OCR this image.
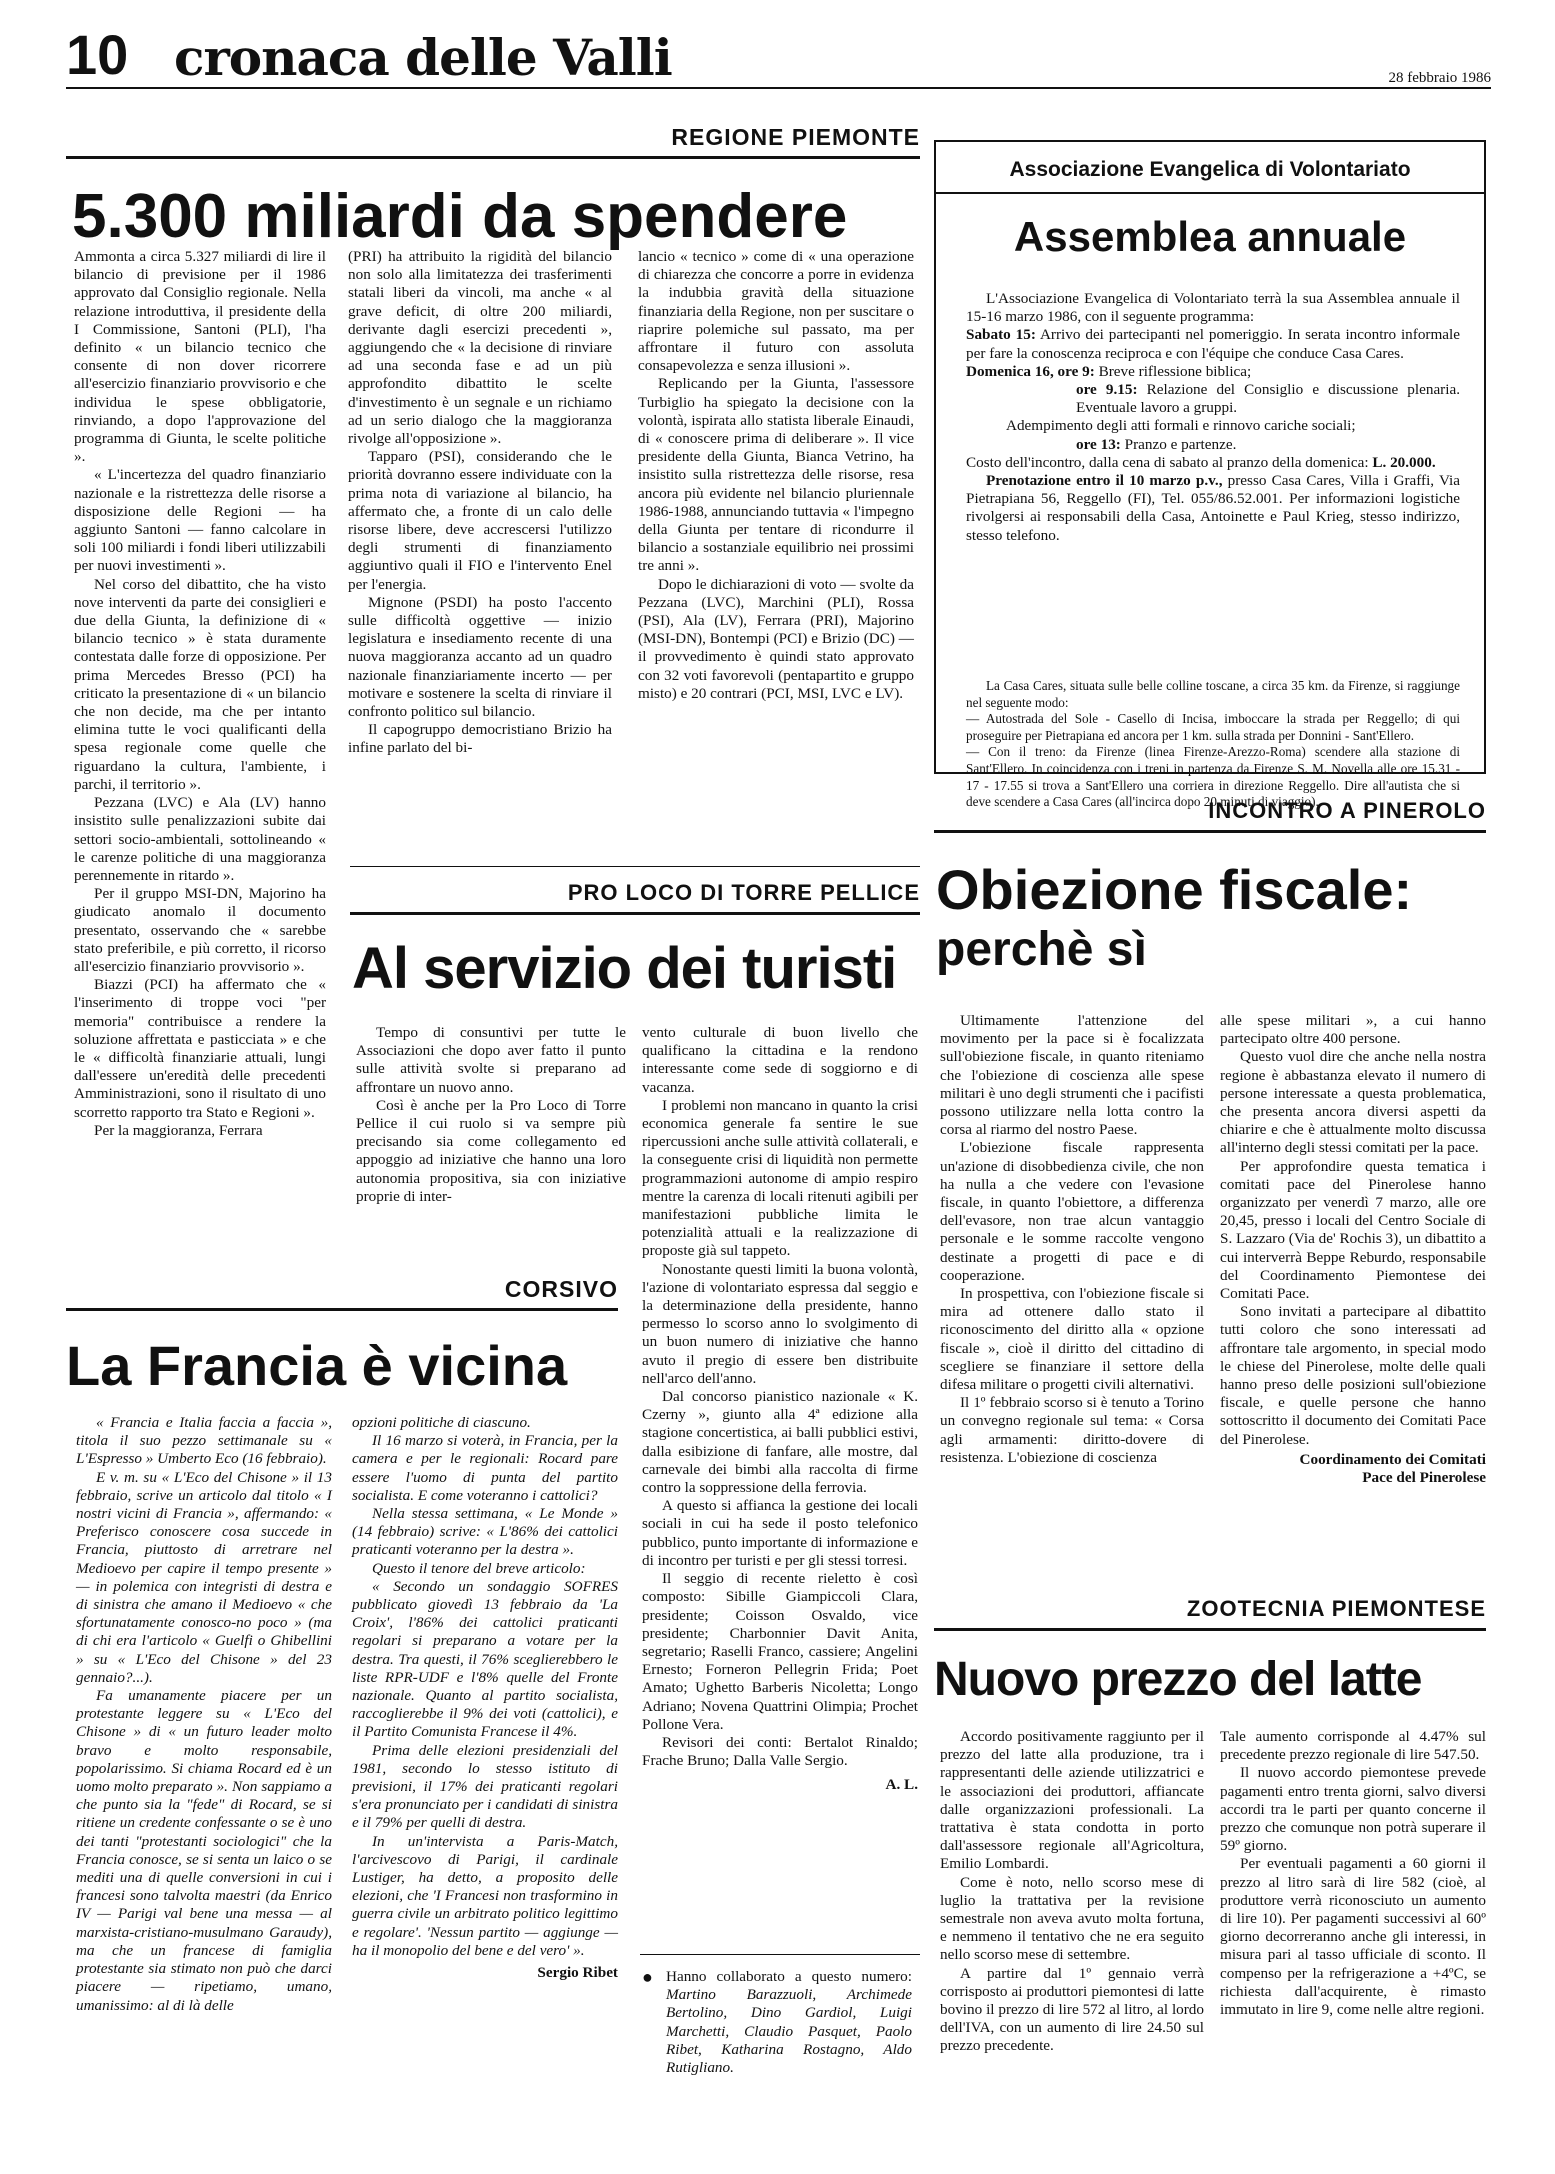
10 cronaca delle Valli	28 febbraio 1986
REGIONE PIEMONTE
5.300 miliardi da spendere

Ammonta a circa 5.327 miliardi di lire il bilancio di previsione per il 1986 approvato dal Consiglio regionale. Nella relazione introduttiva, il presidente della I Commissione, Santoni (PLI), l'ha definito « un bilancio tecnico che consente di non dover ricorrere all'esercizio finanziario provvisorio e che individua le spese obbligatorie, rinviando, a dopo l'approvazione del programma di Giunta, le scelte politiche ».

« L'incertezza del quadro finanziario nazionale e la ristrettezza delle risorse a disposizione delle Regioni — ha aggiunto Santoni — fanno calcolare in soli 100 miliardi i fondi liberi utilizzabili per nuovi investimenti ».

Nel corso del dibattito, che ha visto nove interventi da parte dei consiglieri e due della Giunta, la definizione di « bilancio tecnico » è stata duramente contestata dalle forze di opposizione. Per prima Mercedes Bresso (PCI) ha criticato la presentazione di « un bilancio che non decide, ma che per intanto elimina tutte le voci qualificanti della spesa regionale come quelle che riguardano la cultura, l'ambiente, i parchi, il territorio ».

Pezzana (LVC) e Ala (LV) hanno insistito sulle penalizzazioni subite dai settori socio-ambientali, sottolineando « le carenze politiche di una maggioranza perennemente in ritardo ».

Per il gruppo MSI-DN, Majorino ha giudicato anomalo il documento presentato, osservando che « sarebbe stato preferibile, e più corretto, il ricorso all'esercizio finanziario provvisorio ».

Biazzi (PCI) ha affermato che « l'inserimento di troppe voci "per memoria" contribuisce a rendere la soluzione affrettata e pasticciata » e che le « difficoltà finanziarie attuali, lungi dall'essere un'eredità delle precedenti Amministrazioni, sono il risultato di uno scorretto rapporto tra Stato e Regioni ».

Per la maggioranza, Ferrara

(PRI) ha attribuito la rigidità del bilancio non solo alla limitatezza dei trasferimenti statali liberi da vincoli, ma anche « al grave deficit, di oltre 200 miliardi, derivante dagli esercizi precedenti », aggiungendo che « la decisione di rinviare ad una seconda fase e ad un più approfondito dibattito le scelte d'investimento è un segnale e un richiamo ad un serio dialogo che la maggioranza rivolge all'opposizione ».

Tapparo (PSI), considerando che le priorità dovranno essere individuate con la prima nota di variazione al bilancio, ha affermato che, a fronte di un calo delle risorse libere, deve accrescersi l'utilizzo degli strumenti di finanziamento aggiuntivo quali il FIO e l'intervento Enel per l'energia.

Mignone (PSDI) ha posto l'accento sulle difficoltà oggettive — inizio legislatura e insediamento recente di una nuova maggioranza accanto ad un quadro nazionale finanziariamente incerto — per motivare e sostenere la scelta di rinviare il confronto politico sul bilancio.

Il capogruppo democristiano Brizio ha infine parlato del bi-

lancio « tecnico » come di « una operazione di chiarezza che concorre a porre in evidenza la indubbia gravità della situazione finanziaria della Regione, non per suscitare o riaprire polemiche sul passato, ma per affrontare il futuro con assoluta consapevolezza e senza illusioni ».

Replicando per la Giunta, l'assessore Turbiglio ha spiegato la decisione con la volontà, ispirata allo statista liberale Einaudi, di « conoscere prima di deliberare ». Il vice presidente della Giunta, Bianca Vetrino, ha insistito sulla ristrettezza delle risorse, resa ancora più evidente nel bilancio pluriennale 1986-1988, annunciando tuttavia « l'impegno della Giunta per tentare di ricondurre il bilancio a sostanziale equilibrio nei prossimi tre anni ».

Dopo le dichiarazioni di voto — svolte da Pezzana (LVC), Marchini (PLI), Rossa (PSI), Ala (LV), Ferrara (PRI), Majorino (MSI-DN), Bontempi (PCI) e Brizio (DC) — il provvedimento è quindi stato approvato con 32 voti favorevoli (pentapartito e gruppo misto) e 20 contrari (PCI, MSI, LVC e LV).

Associazione Evangelica di Volontariato
Assemblea annuale

L'Associazione Evangelica di Volontariato terrà la sua Assemblea annuale il 15-16 marzo 1986, con il seguente programma:

Sabato 15: Arrivo dei partecipanti nel pomeriggio. In serata incontro informale per fare la conoscenza reciproca e con l'équipe che conduce Casa Cares.

Domenica 16, ore 9: Breve riflessione biblica;

ore 9.15: Relazione del Consiglio e discussione plenaria. Eventuale lavoro a gruppi.

Adempimento degli atti formali e rinnovo cariche sociali;

ore 13: Pranzo e partenze.

Costo dell'incontro, dalla cena di sabato al pranzo della domenica: L. 20.000.

Prenotazione entro il 10 marzo p.v., presso Casa Cares, Villa i Graffi, Via Pietrapiana 56, Reggello (FI), Tel. 055/86.52.001. Per informazioni logistiche rivolgersi ai responsabili della Casa, Antoinette e Paul Krieg, stesso indirizzo, stesso telefono.

La Casa Cares, situata sulle belle colline toscane, a circa 35 km. da Firenze, si raggiunge nel seguente modo:

— Autostrada del Sole - Casello di Incisa, imboccare la strada per Reggello; di qui proseguire per Pietrapiana ed ancora per 1 km. sulla strada per Donnini - Sant'Ellero.

— Con il treno: da Firenze (linea Firenze-Arezzo-Roma) scendere alla stazione di Sant'Ellero. In coincidenza con i treni in partenza da Firenze S. M. Novella alle ore 15.31 - 17 - 17.55 si trova a Sant'Ellero una corriera in direzione Reggello. Dire all'autista che si deve scendere a Casa Cares (all'incirca dopo 20 minuti di viaggio).

PRO LOCO DI TORRE PELLICE
Al servizio dei turisti

Tempo di consuntivi per tutte le Associazioni che dopo aver fatto il punto sulle attività svolte si preparano ad affrontare un nuovo anno.

Così è anche per la Pro Loco di Torre Pellice il cui ruolo si va sempre più precisando sia come collegamento ed appoggio ad iniziative che hanno una loro autonomia propositiva, sia con iniziative proprie di inter-

vento culturale di buon livello che qualificano la cittadina e la rendono interessante come sede di soggiorno e di vacanza.

I problemi non mancano in quanto la crisi economica generale fa sentire le sue ripercussioni anche sulle attività collaterali, e la conseguente crisi di liquidità non permette programmazioni autonome di ampio respiro mentre la carenza di locali ritenuti agibili per manifestazioni pubbliche limita le potenzialità attuali e la realizzazione di proposte già sul tappeto.

Nonostante questi limiti la buona volontà, l'azione di volontariato espressa dal seggio e la determinazione della presidente, hanno permesso lo scorso anno lo svolgimento di un buon numero di iniziative che hanno avuto il pregio di essere ben distribuite nell'arco dell'anno.

Dal concorso pianistico nazionale « K. Czerny », giunto alla 4ª edizione alla stagione concertistica, ai balli pubblici estivi, dalla esibizione di fanfare, alle mostre, dal carnevale dei bimbi alla raccolta di firme contro la soppressione della ferrovia.

A questo si affianca la gestione dei locali sociali in cui ha sede il posto telefonico pubblico, punto importante di informazione e di incontro per turisti e per gli stessi torresi.

Il seggio di recente rieletto è così composto: Sibille Giampiccoli Clara, presidente; Coisson Osvaldo, vice presidente; Charbonnier Davit Anita, segretario; Raselli Franco, cassiere; Angelini Ernesto; Forneron Pellegrin Frida; Poet Amato; Ughetto Barberis Nicoletta; Longo Adriano; Novena Quattrini Olimpia; Prochet Pollone Vera.

Revisori dei conti: Bertalot Rinaldo; Frache Bruno; Dalla Valle Sergio.

A. L.
CORSIVO
La Francia è vicina

« Francia e Italia faccia a faccia », titola il suo pezzo settimanale su « L'Espresso » Umberto Eco (16 febbraio).

E v. m. su « L'Eco del Chisone » il 13 febbraio, scrive un articolo dal titolo « I nostri vicini di Francia », affermando: « Preferisco conoscere cosa succede in Francia, piuttosto di arretrare nel Medioevo per capire il tempo presente » — in polemica con integristi di destra e di sinistra che amano il Medioevo « che sfortunatamente conosco-no poco » (ma di chi era l'articolo « Guelfi o Ghibellini » su « L'Eco del Chisone » del 23 gennaio?...).

Fa umanamente piacere per un protestante leggere su « L'Eco del Chisone » di « un futuro leader molto bravo e molto responsabile, popolarissimo. Si chiama Rocard ed è un uomo molto preparato ». Non sappiamo a che punto sia la "fede" di Rocard, se si ritiene un credente confessante o se è uno dei tanti "protestanti sociologici" che la Francia conosce, se si senta un laico o se mediti una di quelle conversioni in cui i francesi sono talvolta maestri (da Enrico IV — Parigi val bene una messa — al marxista-cristiano-musulmano Garaudy), ma che un francese di famiglia protestante sia stimato non può che darci piacere — ripetiamo, umano, umanissimo: al di là delle

opzioni politiche di ciascuno.

Il 16 marzo si voterà, in Francia, per la camera e per le regionali: Rocard pare essere l'uomo di punta del partito socialista. E come voteranno i cattolici?

Nella stessa settimana, « Le Monde » (14 febbraio) scrive: « L'86% dei cattolici praticanti voteranno per la destra ».

Questo il tenore del breve articolo:

« Secondo un sondaggio SOFRES pubblicato giovedì 13 febbraio da 'La Croix', l'86% dei cattolici praticanti regolari si preparano a votare per la destra. Tra questi, il 76% sceglierebbero le liste RPR-UDF e l'8% quelle del Fronte nazionale. Quanto al partito socialista, raccoglierebbe il 9% dei voti (cattolici), e il Partito Comunista Francese il 4%.

Prima delle elezioni presidenziali del 1981, secondo lo stesso istituto di previsioni, il 17% dei praticanti regolari s'era pronunciato per i candidati di sinistra e il 79% per quelli di destra.

In un'intervista a Paris-Match, l'arcivescovo di Parigi, il cardinale Lustiger, ha detto, a proposito delle elezioni, che 'I Francesi non trasformino in guerra civile un arbitrato politico legittimo e regolare'. 'Nessun partito — aggiunge — ha il monopolio del bene e del vero' ».

Sergio Ribet ● Hanno collaborato a questo numero: Martino Barazzuoli, Archimede Bertolino, Dino Gardiol, Luigi Marchetti, Claudio Pasquet, Paolo Ribet, Katharina Rostagno, Aldo Rutigliano.

INCONTRO A PINEROLO
Obiezione fiscale:
perchè sì

Ultimamente l'attenzione del movimento per la pace si è focalizzata sull'obiezione fiscale, in quanto riteniamo che l'obiezione di coscienza alle spese militari è uno degli strumenti che i pacifisti possono utilizzare nella lotta contro la corsa al riarmo del nostro Paese.

L'obiezione fiscale rappresenta un'azione di disobbedienza civile, che non ha nulla a che vedere con l'evasione fiscale, in quanto l'obiettore, a differenza dell'evasore, non trae alcun vantaggio personale e le somme raccolte vengono destinate a progetti di pace e di cooperazione.

In prospettiva, con l'obiezione fiscale si mira ad ottenere dallo stato il riconoscimento del diritto alla « opzione fiscale », cioè il diritto del cittadino di scegliere se finanziare il settore della difesa militare o progetti civili alternativi.

Il 1º febbraio scorso si è tenuto a Torino un convegno regionale sul tema: « Corsa agli armamenti: diritto-dovere di resistenza. L'obiezione di coscienza

alle spese militari », a cui hanno partecipato oltre 400 persone.

Questo vuol dire che anche nella nostra regione è abbastanza elevato il numero di persone interessate a questa problematica, che presenta ancora diversi aspetti da chiarire e che è attualmente molto discussa all'interno degli stessi comitati per la pace.

Per approfondire questa tematica i comitati pace del Pinerolese hanno organizzato per venerdì 7 marzo, alle ore 20,45, presso i locali del Centro Sociale di S. Lazzaro (Via de' Rochis 3), un dibattito a cui interverrà Beppe Reburdo, responsabile del Coordinamento Piemontese dei Comitati Pace.

Sono invitati a partecipare al dibattito tutti coloro che sono interessati ad affrontare tale argomento, in special modo le chiese del Pinerolese, molte delle quali hanno preso delle posizioni sull'obiezione fiscale, e quelle persone che hanno sottoscritto il documento dei Comitati Pace del Pinerolese.

Coordinamento dei Comitati
Pace del Pinerolese
ZOOTECNIA PIEMONTESE
Nuovo prezzo del latte

Accordo positivamente raggiunto per il prezzo del latte alla produzione, tra i rappresentanti delle aziende utilizzatrici e le associazioni dei produttori, affiancate dalle organizzazioni professionali. La trattativa è stata condotta in porto dall'assessore regionale all'Agricoltura, Emilio Lombardi.

Come è noto, nello scorso mese di luglio la trattativa per la revisione semestrale non aveva avuto molta fortuna, e nemmeno il tentativo che ne era seguito nello scorso mese di settembre.

A partire dal 1º gennaio verrà corrisposto ai produttori piemontesi di latte bovino il prezzo di lire 572 al litro, al lordo dell'IVA, con un aumento di lire 24.50 sul prezzo precedente.

Tale aumento corrisponde al 4.47% sul precedente prezzo regionale di lire 547.50.

Il nuovo accordo piemontese prevede pagamenti entro trenta giorni, salvo diversi accordi tra le parti per quanto concerne il prezzo che comunque non potrà superare il 59º giorno.

Per eventuali pagamenti a 60 giorni il prezzo al litro sarà di lire 582 (cioè, al produttore verrà riconosciuto un aumento di lire 10). Per pagamenti successivi al 60º giorno decorreranno anche gli interessi, in misura pari al tasso ufficiale di sconto. Il compenso per la refrigerazione a +4ºC, se richiesta dall'acquirente, è rimasto immutato in lire 9, come nelle altre regioni.
